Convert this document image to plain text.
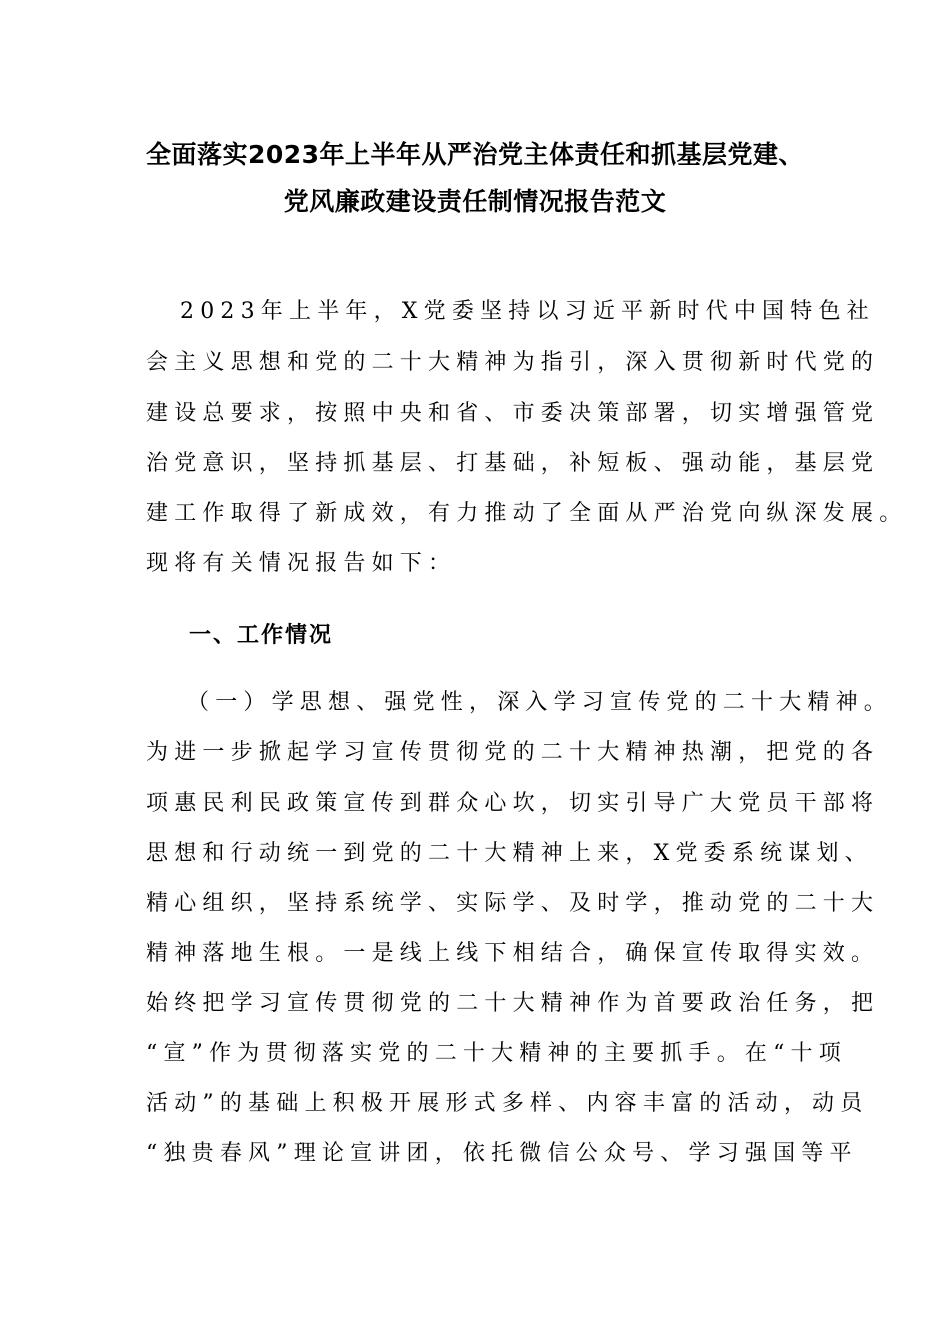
全面落实2023年上半年从严治党主体责任和抓基层党建、
党风廉政建设责任制情况报告范文
2023年上半年，X党委坚持以习近平新时代中国特色社
会主义思想和党的二十大精神为指引，深入贯彻新时代党的
建设总要求，按照中央和省、市委决策部署，切实增强管党
治党意识，坚持抓基层、打基础，补短板、强动能，基层党
建工作取得了新成效，有力推动了全面从严治党向纵深发展。
现将有关情况报告如下：
一、工作情况
（一）学思想、强党性，深入学习宣传党的二十大精神。
为进一步掀起学习宣传贯彻党的二十大精神热潮，把党的各
项惠民利民政策宣传到群众心坎，切实引导广大党员干部将
思想和行动统一到党的二十大精神上来，X党委系统谋划、
精心组织，坚持系统学、实际学、及时学，推动党的二十大
精神落地生根。一是线上线下相结合，确保宣传取得实效。
始终把学习宣传贯彻党的二十大精神作为首要政治任务，把
“宣”作为贯彻落实党的二十大精神的主要抓手。在“十项
活动”的基础上积极开展形式多样、内容丰富的活动，动员
“独贵春风”理论宣讲团，依托微信公众号、学习强国等平
